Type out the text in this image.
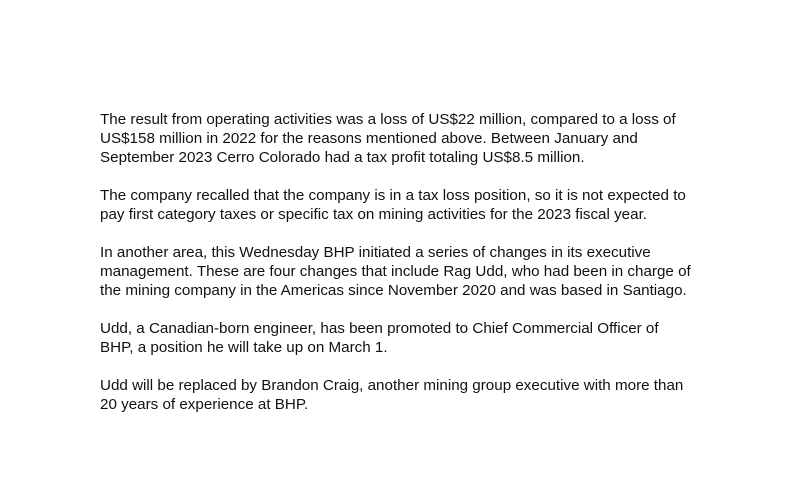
The result from operating activities was a loss of US$22 million, compared to a loss of
US$158 million in 2022 for the reasons mentioned above. Between January and
September 2023 Cerro Colorado had a tax profit totaling US$8.5 million.

The company recalled that the company is in a tax loss position, so it is not expected to
pay first category taxes or specific tax on mining activities for the 2023 fiscal year.

In another area, this Wednesday BHP initiated a series of changes in its executive
management. These are four changes that include Rag Udd, who had been in charge of
the mining company in the Americas since November 2020 and was based in Santiago.

Udd, a Canadian-born engineer, has been promoted to Chief Commercial Officer of
BHP, a position he will take up on March 1.

Udd will be replaced by Brandon Craig, another mining group executive with more than
20 years of experience at BHP.
